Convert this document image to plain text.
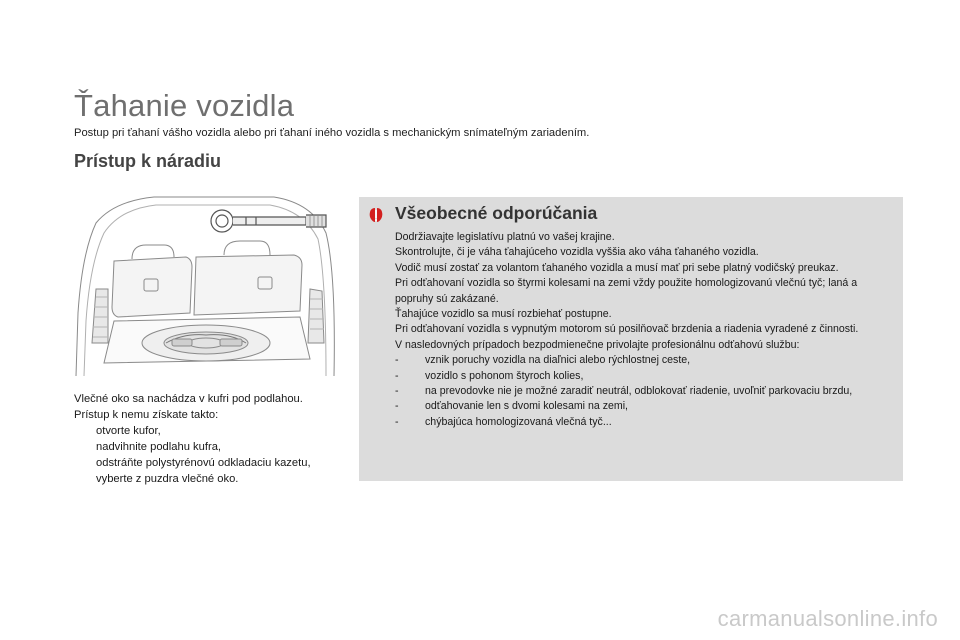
Ťahanie vozidla

Postup pri ťahaní vášho vozidla alebo pri ťahaní iného vozidla s mechanickým snímateľným zariadením.

Prístup k náradiu

Vlečné oko sa nachádza v kufri pod podlahou.

Prístup k nemu získate takto:

otvorte kufor,
nadvihnite podlahu kufra,
odstráňte polystyrénovú odkladaciu kazetu,
vyberte z puzdra vlečné oko.
Všeobecné odporúčania

Dodržiavajte legislatívu platnú vo vašej krajine.

Skontrolujte, či je váha ťahajúceho vozidla vyššia ako váha ťahaného vozidla.

Vodič musí zostať za volantom ťahaného vozidla a musí mať pri sebe platný vodičský preukaz.

Pri odťahovaní vozidla so štyrmi kolesami na zemi vždy použite homologizovanú vlečnú tyč; laná a popruhy sú zakázané.

Ťahajúce vozidlo sa musí rozbiehať postupne.

Pri odťahovaní vozidla s vypnutým motorom sú posilňovač brzdenia a riadenia vyradené z činnosti.

V nasledovných prípadoch bezpodmienečne privolajte profesionálnu odťahovú službu:

- vznik poruchy vozidla na diaľnici alebo rýchlostnej ceste,
- vozidlo s pohonom štyroch kolies,
- na prevodovke nie je možné zaradiť neutrál, odblokovať riadenie, uvoľniť parkovaciu brzdu,
- odťahovanie len s dvomi kolesami na zemi,
- chýbajúca homologizovaná vlečná tyč...
carmanualsonline.info
